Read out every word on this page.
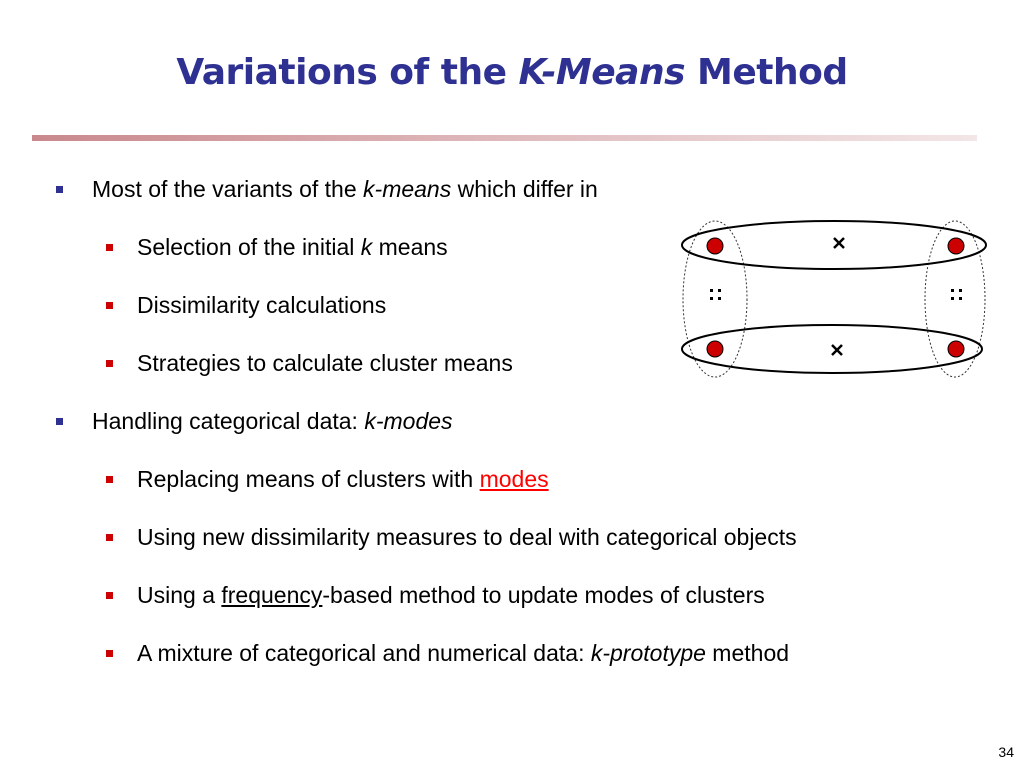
Variations of the K-Means Method
Most of the variants of the k-means which differ in
Selection of the initial k means
Dissimilarity calculations
Strategies to calculate cluster means
Handling categorical data: k-modes
Replacing means of clusters with modes
Using new dissimilarity measures to deal with categorical objects
Using a frequency-based method to update modes of clusters
A mixture of categorical and numerical data: k-prototype method
34
